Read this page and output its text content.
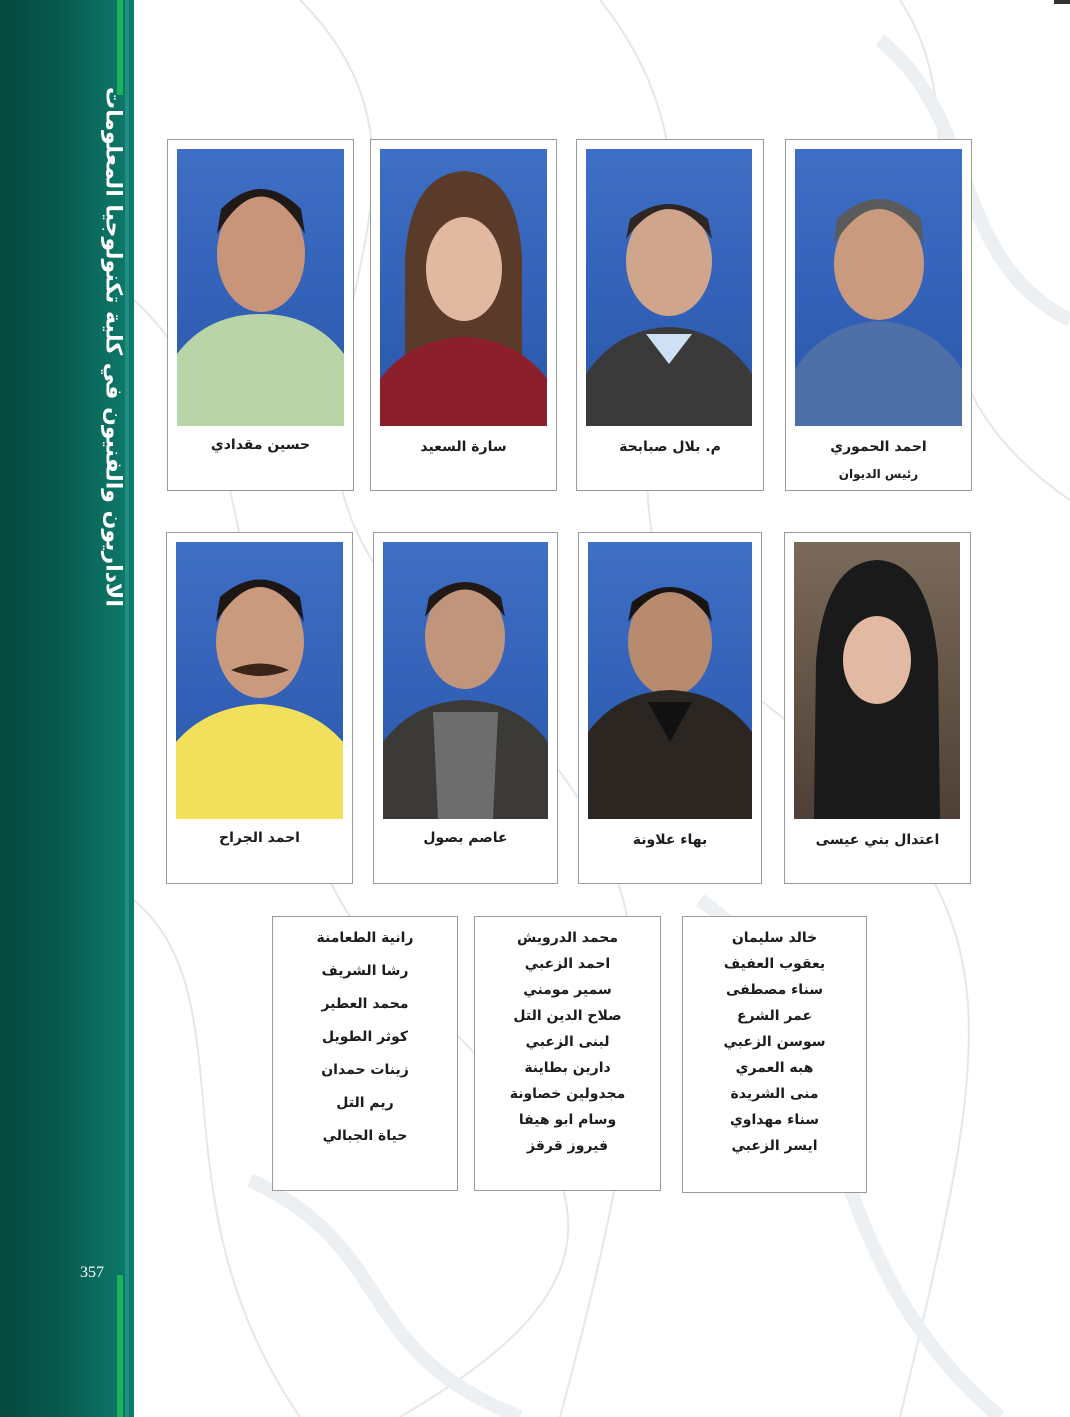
الاداريون والفنيون في كلية تكنولوجيا المعلومات
357
احمد الحموري
رئيس الديوان
م. بلال صبابحة
سارة السعيد
حسين مقدادي
اعتدال بني عيسى
بهاء علاونة
عاصم بصول
احمد الجراح
خالد سليمان
يعقوب العفيف
سناء مصطفى
عمر الشرع
سوسن الزعبي
هبه العمري
منى الشريدة
سناء مهداوي
ايسر الزعبي
محمد الدرويش
احمد الزعبي
سمير مومني
صلاح الدين التل
لبنى الزعبي
دارين بطاينة
مجدولين خصاونة
وسام ابو هيفا
فيروز قرقز
رانية الطعامنة
رشا الشريف
محمد العطير
كوثر الطويل
زينات حمدان
ريم التل
حياة الجبالي
